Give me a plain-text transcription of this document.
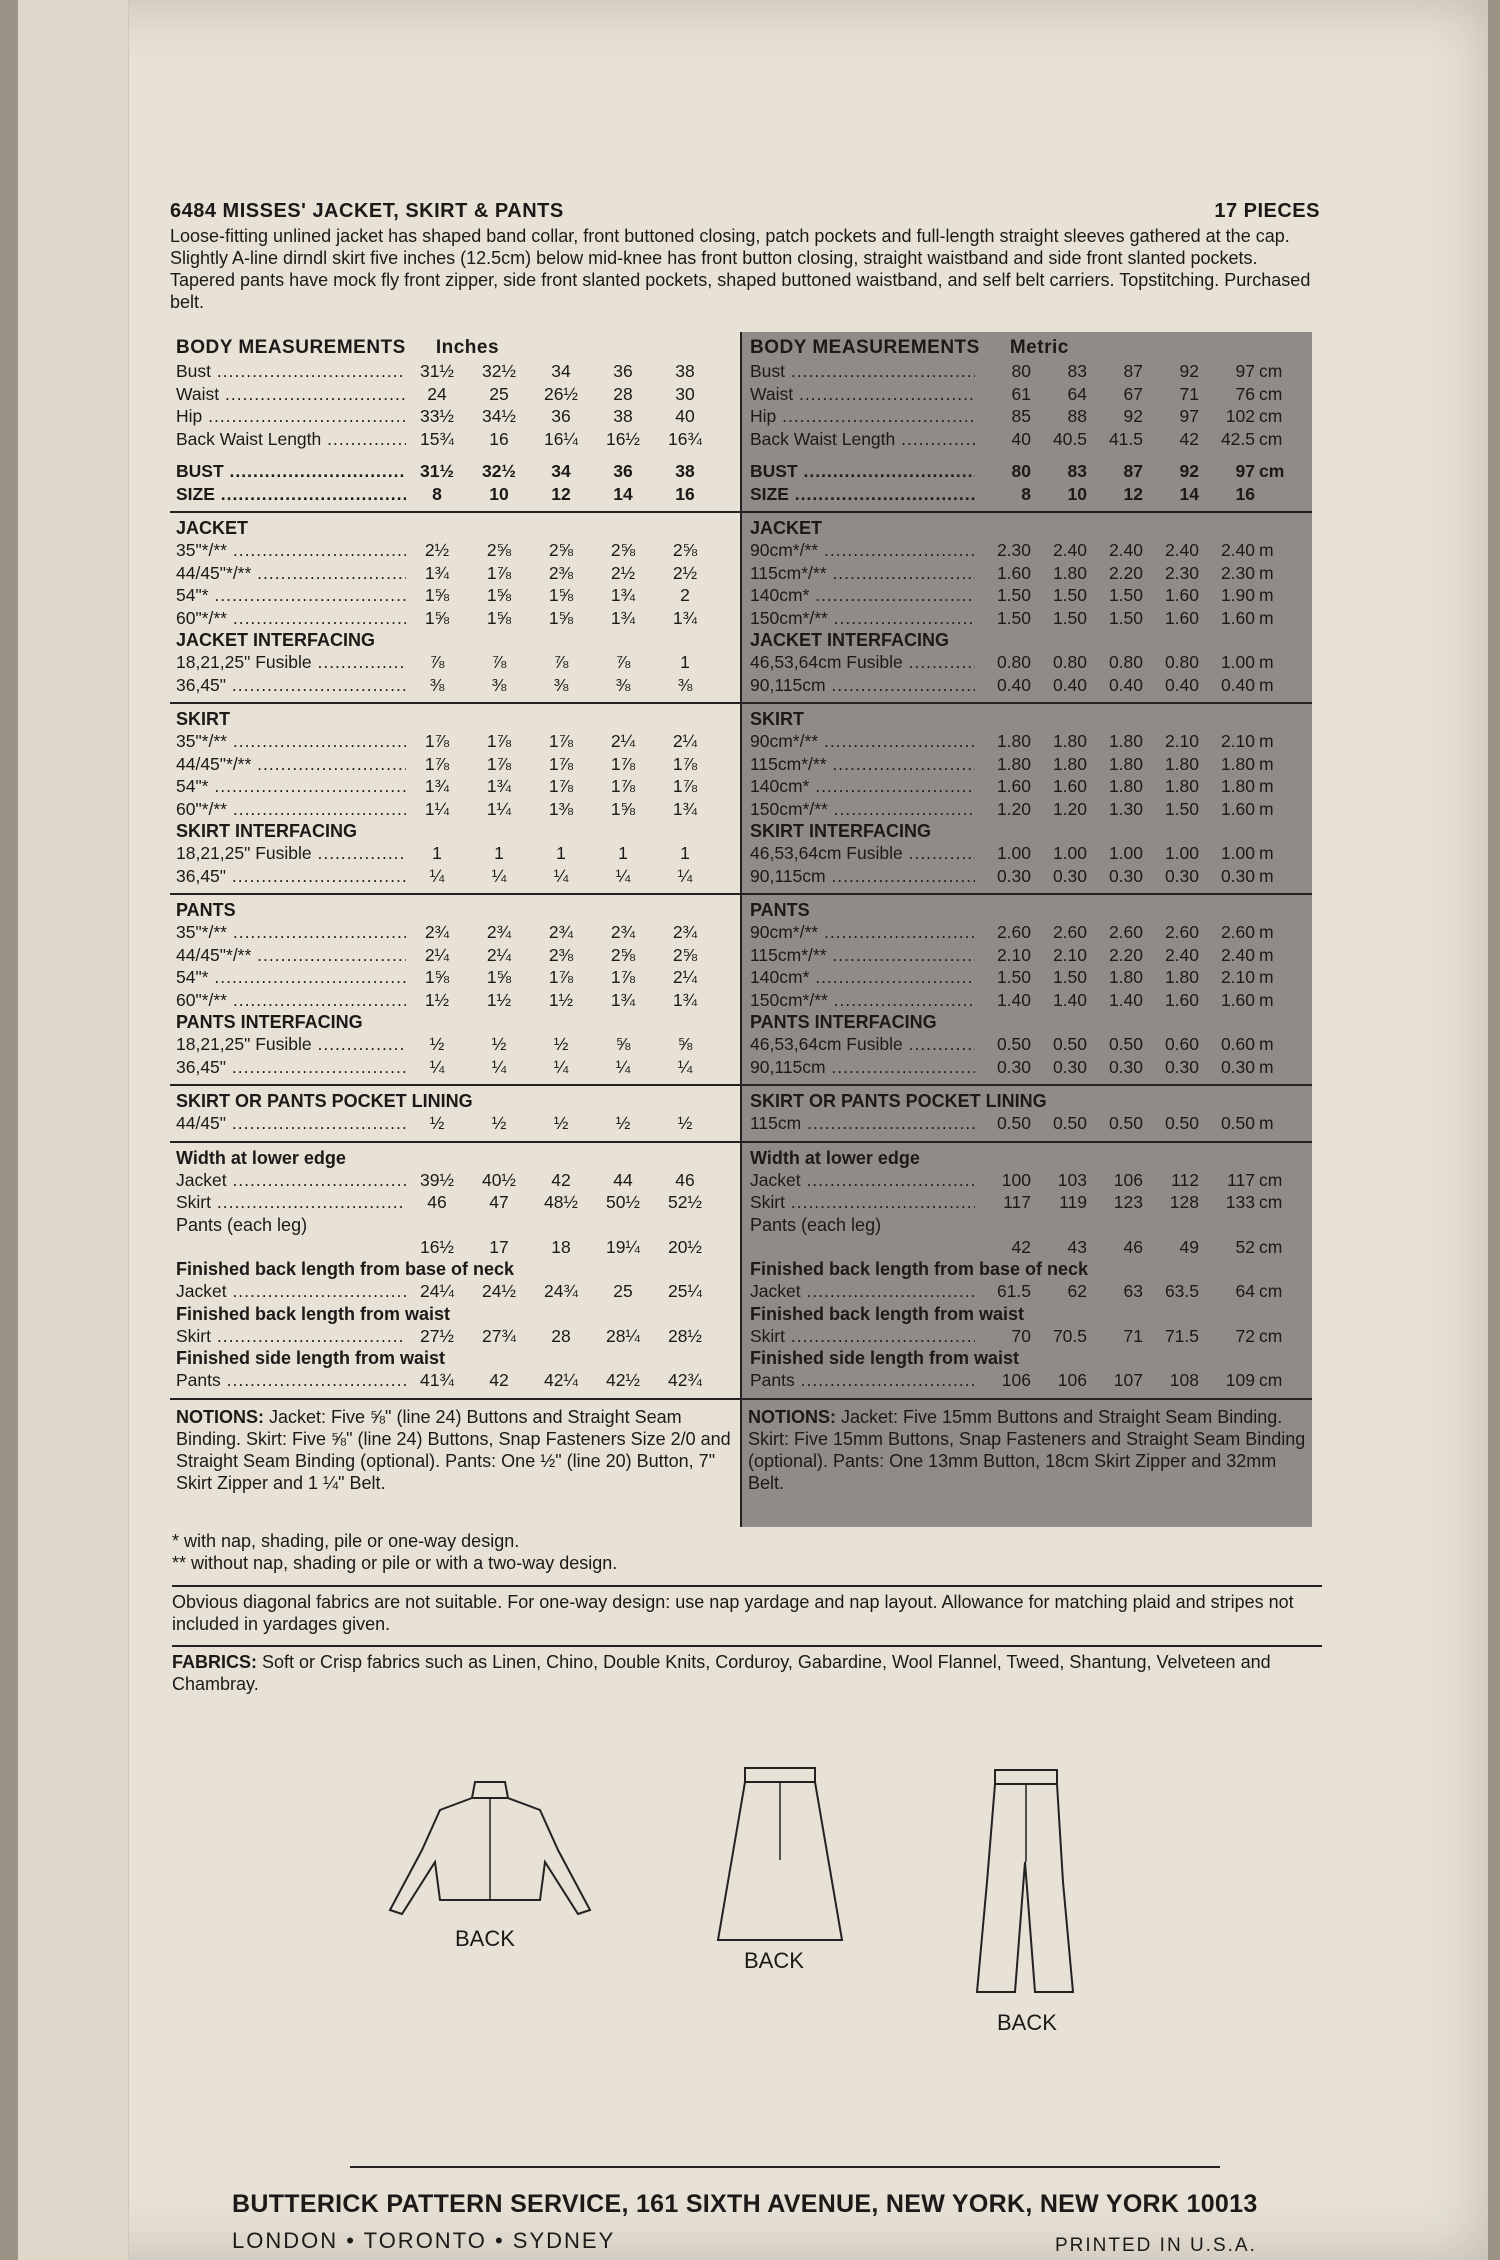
6484 MISSES' JACKET, SKIRT & PANTS	17 PIECES
Loose-fitting unlined jacket has shaped band collar, front buttoned closing, patch pockets and full-length straight sleeves gathered at the cap. Slightly A-line dirndl skirt five inches (12.5cm) below mid-knee has front button closing, straight waistband and side front slanted pockets. Tapered pants have mock fly front zipper, side front slanted pockets, shaped buttoned waistband, and self belt carriers. Topstitching. Purchased belt.
BODY MEASUREMENTS Inches
Bust .....	31½	32½	34	36	38
Waist .....	24	25	26½	28	30
Hip .....	33½	34½	36	38	40
Back Waist Length .....	15¾	16	16¼	16½	16¾
BUST .....	31½	32½	34	36	38
SIZE .....	8	10	12	14	16
JACKET
35"*/** .....	2½	2⅝	2⅝	2⅝	2⅝
44/45"*/** .....	1¾	1⅞	2⅜	2½	2½
54"* .....	1⅝	1⅝	1⅝	1¾	2
60"*/** .....	1⅝	1⅝	1⅝	1¾	1¾
JACKET INTERFACING
18,21,25" Fusible .....	⅞	⅞	⅞	⅞	1
36,45" .....	⅜	⅜	⅜	⅜	⅜
SKIRT
35"*/** .....	1⅞	1⅞	1⅞	2¼	2¼
44/45"*/** .....	1⅞	1⅞	1⅞	1⅞	1⅞
54"* .....	1¾	1¾	1⅞	1⅞	1⅞
60"*/** .....	1¼	1¼	1⅜	1⅝	1¾
SKIRT INTERFACING
18,21,25" Fusible .....	1	1	1	1	1
36,45" .....	¼	¼	¼	¼	¼
PANTS
35"*/** .....	2¾	2¾	2¾	2¾	2¾
44/45"*/** .....	2¼	2¼	2⅜	2⅝	2⅝
54"* .....	1⅝	1⅝	1⅞	1⅞	2¼
60"*/** .....	1½	1½	1½	1¾	1¾
PANTS INTERFACING
18,21,25" Fusible .....	½	½	½	⅝	⅝
36,45" .....	¼	¼	¼	¼	¼
SKIRT OR PANTS POCKET LINING
44/45" .....	½	½	½	½	½
Width at lower edge
Jacket .....	39½	40½	42	44	46
Skirt .....	46	47	48½	50½	52½
Pants (each leg)
16½	17	18	19¼	20½
Finished back length from base of neck
Jacket .....	24¼	24½	24¾	25	25¼
Finished back length from waist
Skirt .....	27½	27¾	28	28¼	28½
Finished side length from waist
Pants .....	41¾	42	42¼	42½	42¾
NOTIONS: Jacket: Five ⅝" (line 24) Buttons and Straight Seam Binding. Skirt: Five ⅝" (line 24) Buttons, Snap Fasteners Size 2/0 and Straight Seam Binding (optional). Pants: One ½" (line 20) Button, 7" Skirt Zipper and 1 ¼" Belt.
BODY MEASUREMENTS Metric
Bust .....	80	83	87	92	97 cm
Waist .....	61	64	67	71	76 cm
Hip .....	85	88	92	97	102 cm
Back Waist Length .....	40	40.5	41.5	42	42.5 cm
BUST .....	80	83	87	92	97 cm
SIZE .....	8	10	12	14	16
JACKET
90cm*/** .....	2.30	2.40	2.40	2.40	2.40 m
115cm*/** .....	1.60	1.80	2.20	2.30	2.30 m
140cm* .....	1.50	1.50	1.50	1.60	1.90 m
150cm*/** .....	1.50	1.50	1.50	1.60	1.60 m
JACKET INTERFACING
46,53,64cm Fusible .....	0.80	0.80	0.80	0.80	1.00 m
90,115cm .....	0.40	0.40	0.40	0.40	0.40 m
SKIRT
90cm*/** .....	1.80	1.80	1.80	2.10	2.10 m
115cm*/** .....	1.80	1.80	1.80	1.80	1.80 m
140cm* .....	1.60	1.60	1.80	1.80	1.80 m
150cm*/** .....	1.20	1.20	1.30	1.50	1.60 m
SKIRT INTERFACING
46,53,64cm Fusible .....	1.00	1.00	1.00	1.00	1.00 m
90,115cm .....	0.30	0.30	0.30	0.30	0.30 m
PANTS
90cm*/** .....	2.60	2.60	2.60	2.60	2.60 m
115cm*/** .....	2.10	2.10	2.20	2.40	2.40 m
140cm* .....	1.50	1.50	1.80	1.80	2.10 m
150cm*/** .....	1.40	1.40	1.40	1.60	1.60 m
PANTS INTERFACING
46,53,64cm Fusible .....	0.50	0.50	0.50	0.60	0.60 m
90,115cm .....	0.30	0.30	0.30	0.30	0.30 m
SKIRT OR PANTS POCKET LINING
115cm .....	0.50	0.50	0.50	0.50	0.50 m
Width at lower edge
Jacket .....	100	103	106	112	117 cm
Skirt .....	117	119	123	128	133 cm
Pants (each leg)
42	43	46	49	52 cm
Finished back length from base of neck
Jacket .....	61.5	62	63	63.5	64 cm
Finished back length from waist
Skirt .....	70	70.5	71	71.5	72 cm
Finished side length from waist
Pants .....	106	106	107	108	109 cm
NOTIONS: Jacket: Five 15mm Buttons and Straight Seam Binding. Skirt: Five 15mm Buttons, Snap Fasteners and Straight Seam Binding (optional). Pants: One 13mm Button, 18cm Skirt Zipper and 32mm Belt.
* with nap, shading, pile or one-way design.
** without nap, shading or pile or with a two-way design.
Obvious diagonal fabrics are not suitable. For one-way design: use nap yardage and nap layout. Allowance for matching plaid and stripes not included in yardages given.
FABRICS: Soft or Crisp fabrics such as Linen, Chino, Double Knits, Corduroy, Gabardine, Wool Flannel, Tweed, Shantung, Velveteen and Chambray.
BACK
BACK
BACK
BUTTERICK PATTERN SERVICE, 161 SIXTH AVENUE, NEW YORK, NEW YORK 10013
LONDON • TORONTO • SYDNEY	PRINTED IN U.S.A.
